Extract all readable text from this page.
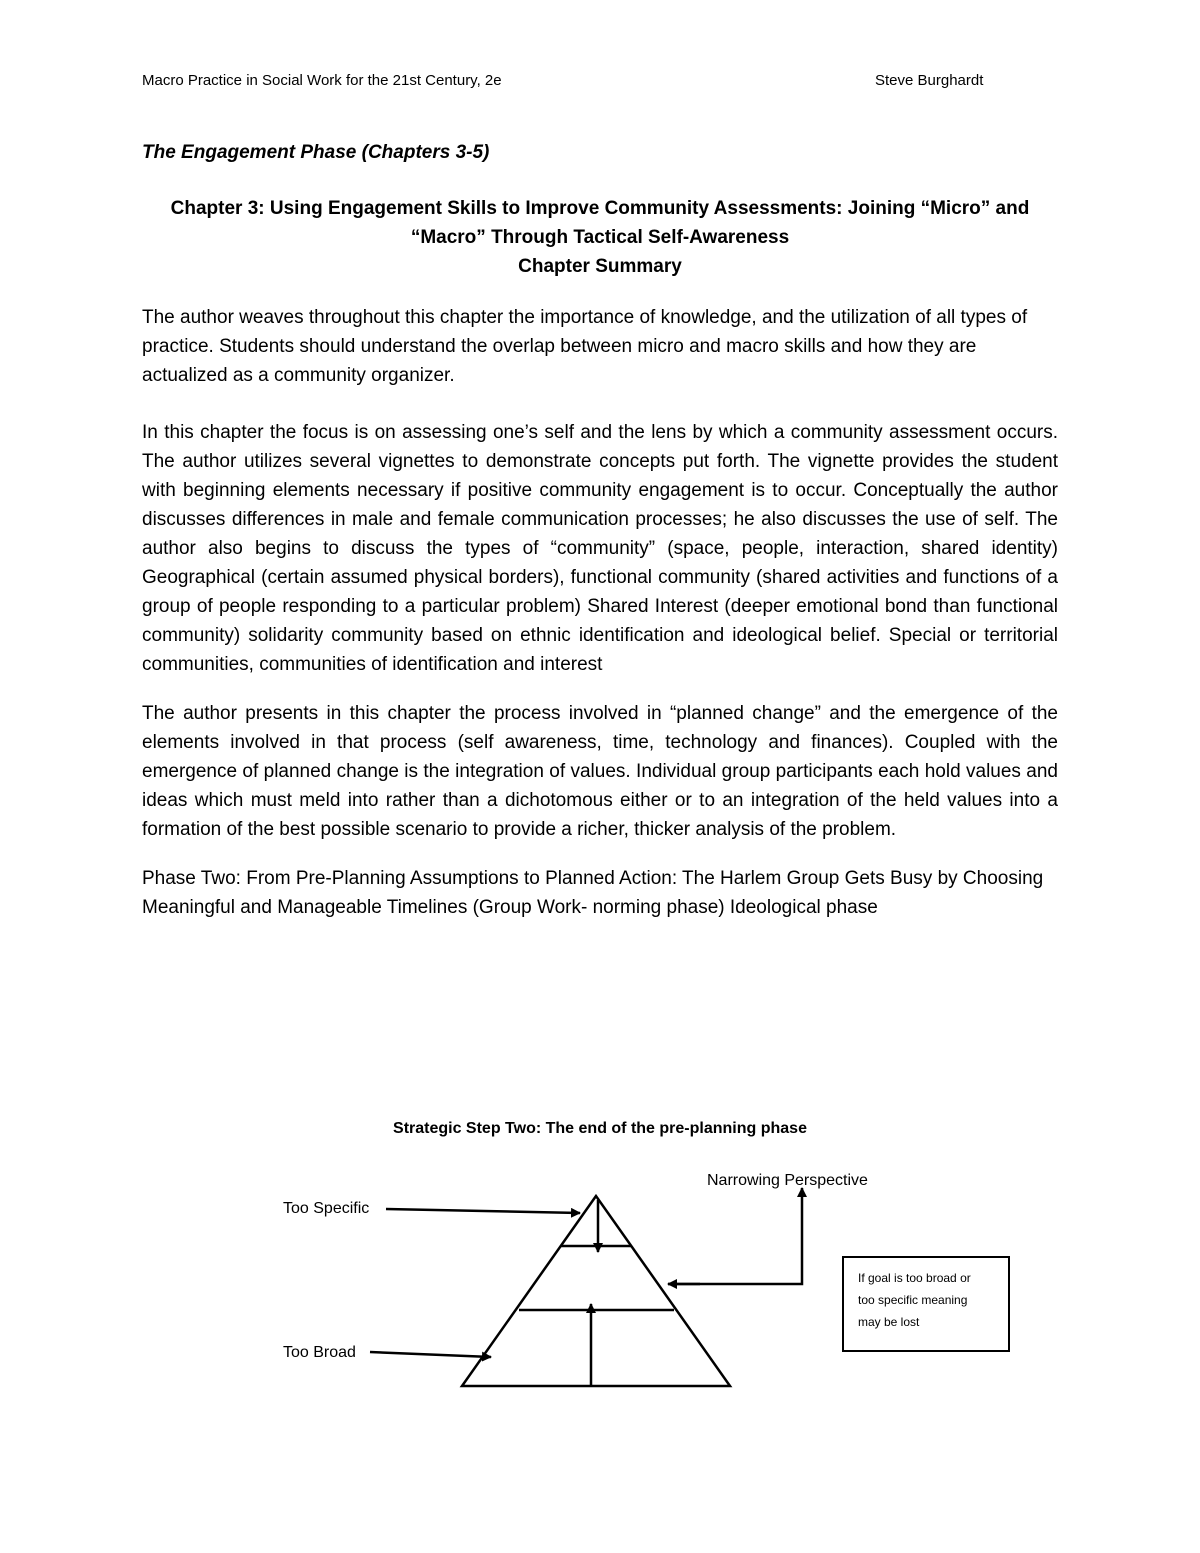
Macro Practice in Social Work for the 21st Century, 2e	Steve Burghardt
The Engagement Phase (Chapters 3-5)
Chapter 3: Using Engagement Skills to Improve Community Assessments: Joining “Micro” and
“Macro” Through Tactical Self-Awareness
Chapter Summary

The author weaves throughout this chapter the importance of knowledge, and the utilization of all types of practice. Students should understand the overlap between micro and macro skills and how they are actualized as a community organizer.

In this chapter the focus is on assessing one’s self and the lens by which a community assessment occurs. The author utilizes several vignettes to demonstrate concepts put forth. The vignette provides the student with beginning elements necessary if positive community engagement is to occur. Conceptually the author discusses differences in male and female communication processes; he also discusses the use of self. The author also begins to discuss the types of “community” (space, people, interaction, shared identity) Geographical (certain assumed physical borders), functional community (shared activities and functions of a group of people responding to a particular problem) Shared Interest (deeper emotional bond than functional community) solidarity community based on ethnic identification and ideological belief. Special or territorial communities, communities of identification and interest

The author presents in this chapter the process involved in “planned change” and the emergence of the elements involved in that process (self awareness, time, technology and finances). Coupled with the emergence of planned change is the integration of values. Individual group participants each hold values and ideas which must meld into rather than a dichotomous either or to an integration of the held values into a formation of the best possible scenario to provide a richer, thicker analysis of the problem.

Phase Two: From Pre-Planning Assumptions to Planned Action: The Harlem Group Gets Busy by Choosing Meaningful and Manageable Timelines (Group Work- norming phase) Ideological phase

Strategic Step Two: The end of the pre-planning phase
Too Specific
Too Broad
Narrowing Perspective
If goal is too broad or
too specific meaning
may be lost
